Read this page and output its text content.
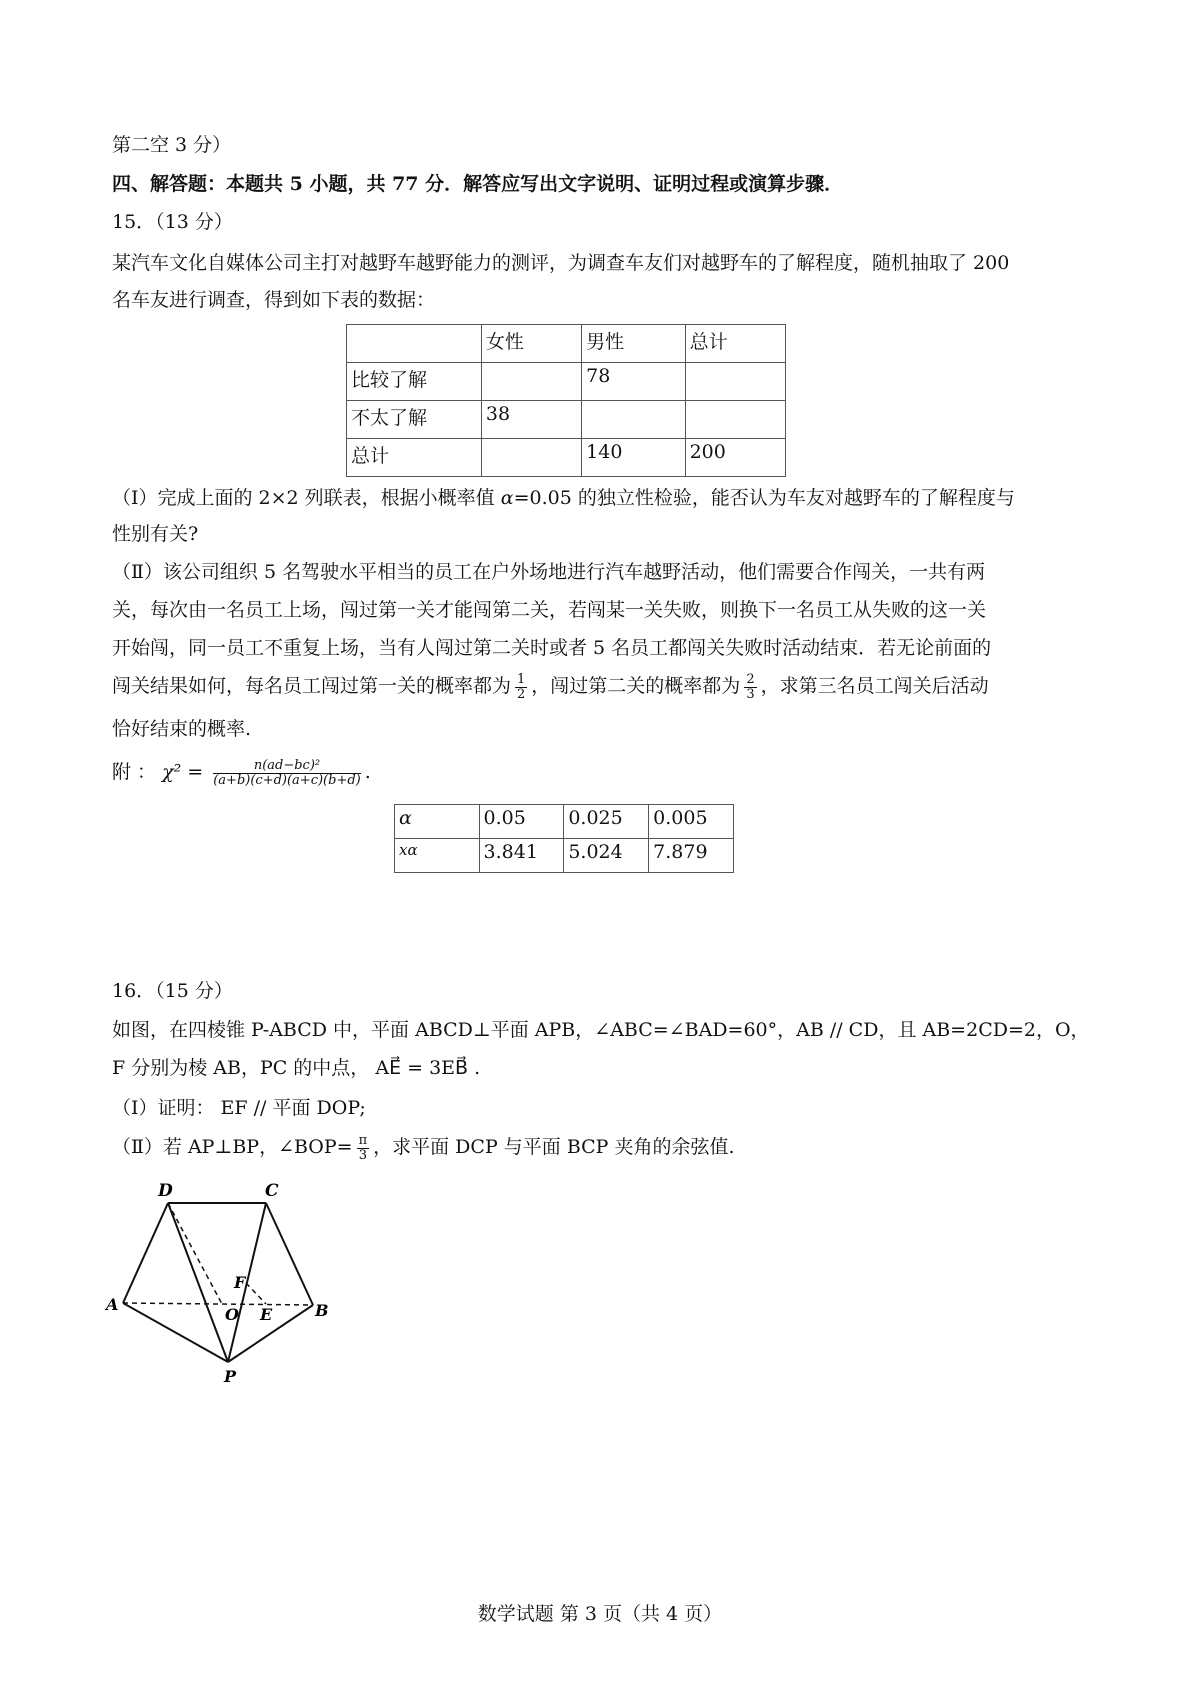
第二空 3 分）
四、解答题：本题共 5 小题，共 77 分．解答应写出文字说明、证明过程或演算步骤．
15．（13 分）
某汽车文化自媒体公司主打对越野车越野能力的测评，为调查车友们对越野车的了解程度，随机抽取了 200
名车友进行调查，得到如下表的数据：
	女性	男性	总计
比较了解		78	
不太了解	38		
总计		140	200
（Ⅰ）完成上面的 2×2 列联表，根据小概率值 α=0.05 的独立性检验，能否认为车友对越野车的了解程度与
性别有关?
（Ⅱ）该公司组织 5 名驾驶水平相当的员工在户外场地进行汽车越野活动，他们需要合作闯关，一共有两
关，每次由一名员工上场，闯过第一关才能闯第二关，若闯某一关失败，则换下一名员工从失败的这一关
开始闯，同一员工不重复上场，当有人闯过第二关时或者 5 名员工都闯关失败时活动结束．若无论前面的
闯关结果如何，每名员工闯过第一关的概率都为 $\frac{1}{2}$ ，闯过第二关的概率都为 $\frac{2}{3}$ ，求第三名员工闯关后活动
恰好结束的概率.
附 ： $\chi^2 = \frac{\text{n(ad−bc)²}}{(a+b)(c+d)(a+c)(b+d)}$ .
α	0.05	0.025	0.005
xα	3.841	5.024	7.879
16．（15 分）
如图，在四棱锥 P-ABCD 中，平面 ABCD⊥平面 APB，∠ABC=∠BAD=60°，AB // CD，且 AB=2CD=2，O，
F 分别为棱 AB，PC 的中点， AE⃗ = 3EB⃗ .
（Ⅰ）证明： EF // 平面 DOP;
（Ⅱ）若 AP⊥BP，∠BOP= $\frac{\pi}{3}$ ，求平面 DCP 与平面 BCP 夹角的余弦值.
D	C
F
A
O E	B
P
数学试题 第 3 页（共 4 页）
